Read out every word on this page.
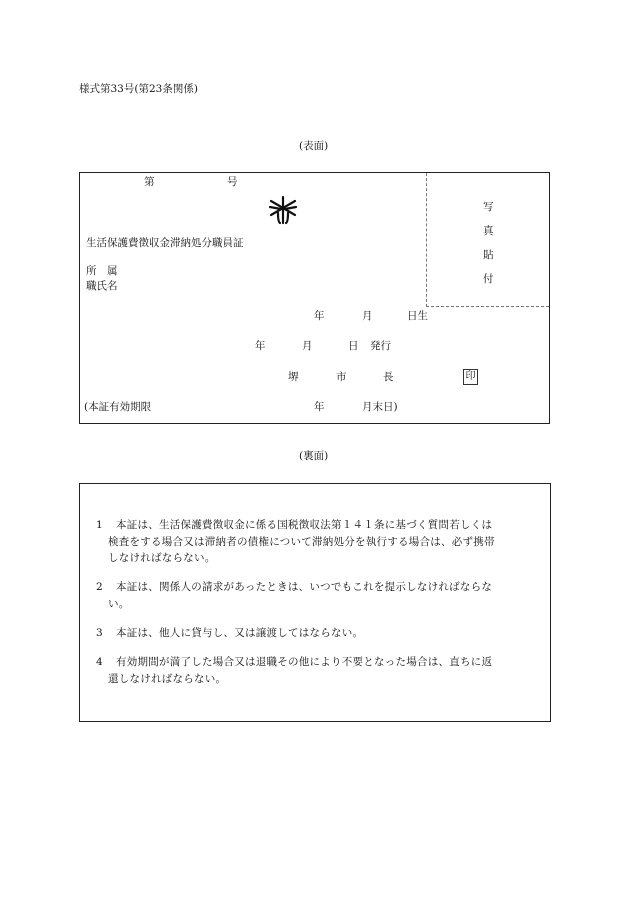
様式第33号(第23条関係)
(表面)
第	号
生活保護費徴収金滞納処分職員証
所　属
職氏名
写
真
貼
付
年	月	日生
年	月	日 発行
堺	市	長	印
(本証有効期限	年	月末日)
(裏面)
1 本証は、生活保護費徴収金に係る国税徴収法第１４１条に基づく質問若しくは
検査をする場合又は滞納者の債権について滞納処分を執行する場合は、必ず携帯
しなければならない。
2 本証は、関係人の請求があったときは、いつでもこれを提示しなければならな
い。
3 本証は、他人に貸与し、又は譲渡してはならない。
4 有効期間が満了した場合又は退職その他により不要となった場合は、直ちに返
還しなければならない。
